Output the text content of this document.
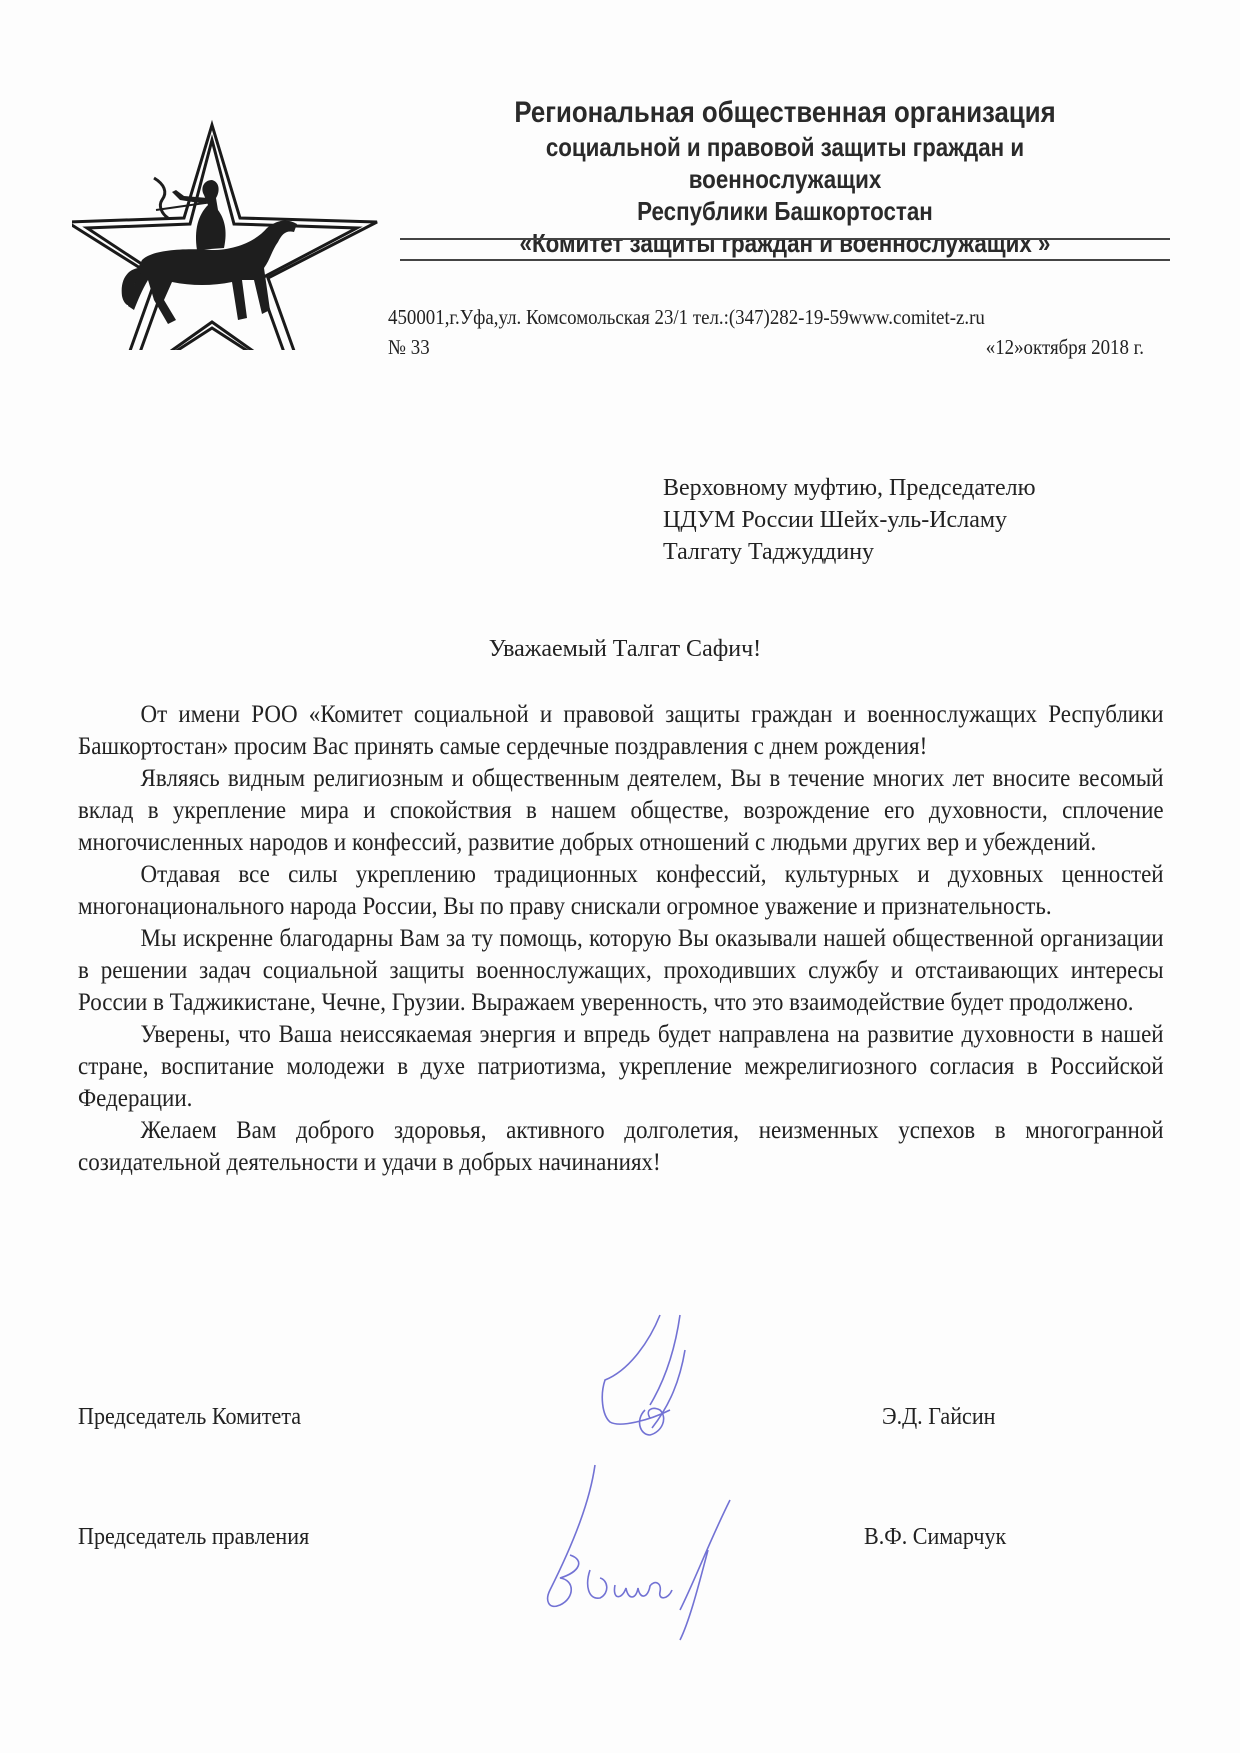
Региональная общественная организация
социальной и правовой защиты граждан и военнослужащих
Республики Башкортостан
«Комитет защиты граждан и военнослужащих »
450001,г.Уфа,ул. Комсомольская 23/1 тел.:(347)282-19-59www.comitet-z.ru
№ 33	«12»октября 2018 г.
Верховному муфтию, Председателю
ЦДУМ России Шейх-уль-Исламу
Талгату Таджуддину
Уважаемый Талгат Сафич!

От имени РОО «Комитет социальной и правовой защиты граждан и военнослужащих Республики Башкортостан» просим Вас принять самые сердечные поздравления с днем рождения!

Являясь видным религиозным и общественным деятелем, Вы в течение многих лет вносите весомый вклад в укрепление мира и спокойствия в нашем обществе, возрождение его духовности, сплочение многочисленных народов и конфессий, развитие добрых отношений с людьми других вер и убеждений.

Отдавая все силы укреплению традиционных конфессий, культурных и духовных ценностей многонационального народа России, Вы по праву снискали огромное уважение и признательность.

Мы искренне благодарны Вам за ту помощь, которую Вы оказывали нашей общественной организации в решении задач социальной защиты военнослужащих, проходивших службу и отстаивающих интересы России в Таджикистане, Чечне, Грузии. Выражаем уверенность, что это взаимодействие будет продолжено.

Уверены, что Ваша неиссякаемая энергия и впредь будет направлена на развитие духовности в нашей стране, воспитание молодежи в духе патриотизма, укрепление межрелигиозного согласия в Российской Федерации.

Желаем Вам доброго здоровья, активного долголетия, неизменных успехов в многогранной созидательной деятельности и удачи в добрых начинаниях!

Председатель Комитета	Э.Д. Гайсин
Председатель правления	В.Ф. Симарчук
